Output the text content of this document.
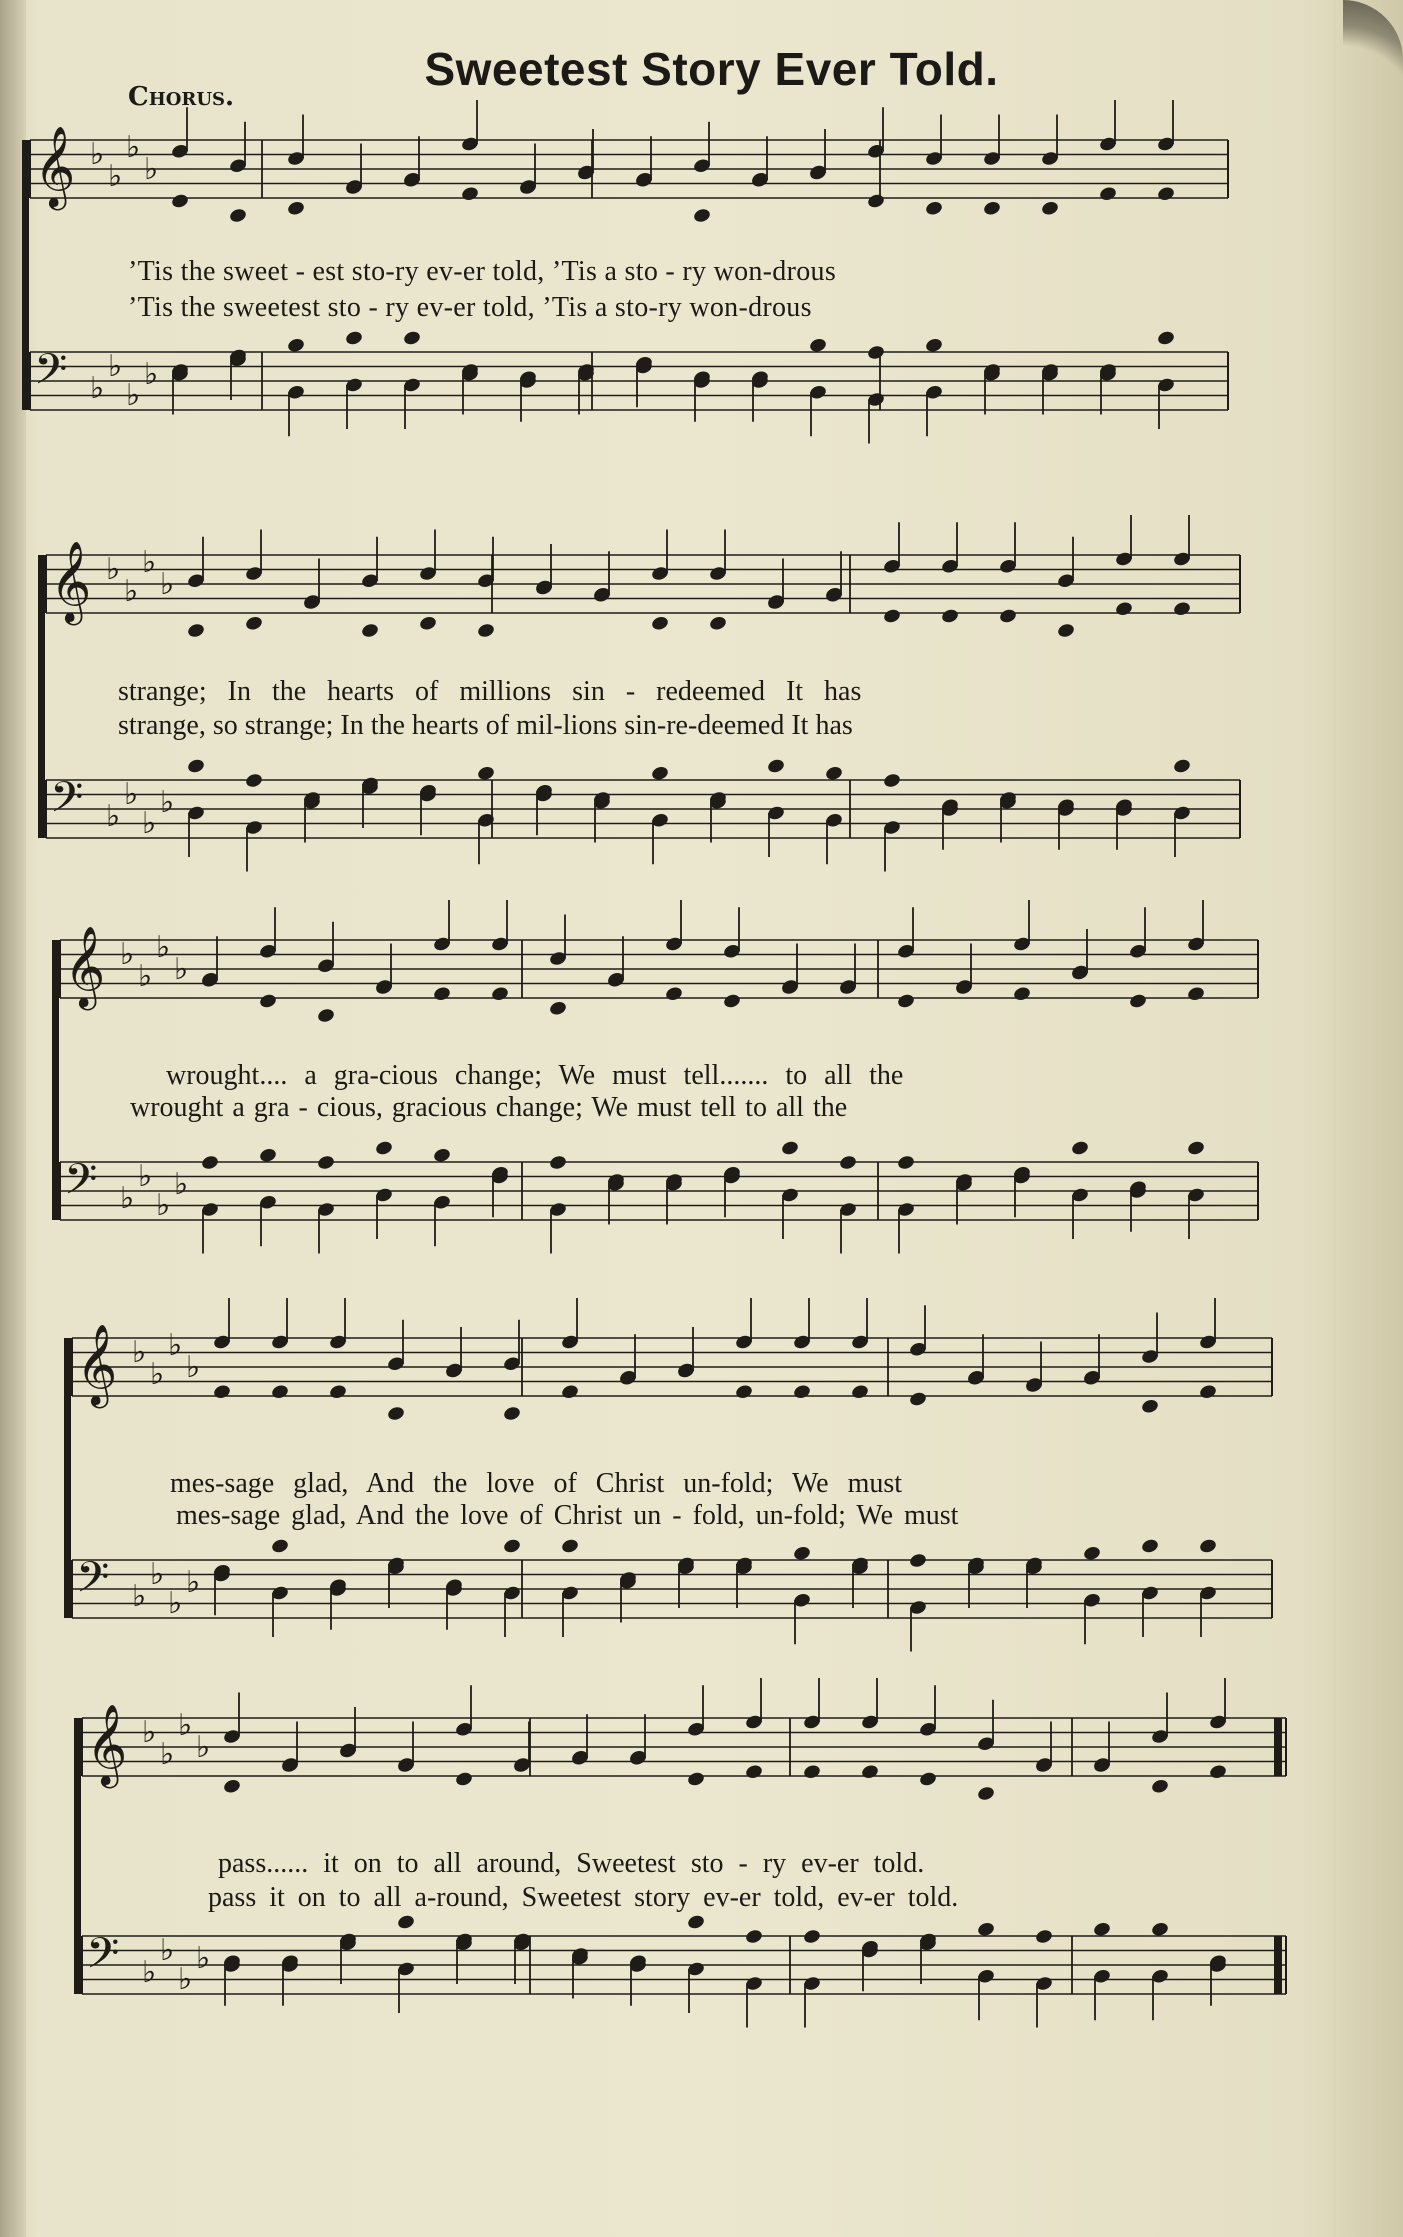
Chorus.
Sweetest Story Ever Told.
𝄞 ♭
♭
♭
♭
𝄢 ♭
♭
♭
♭
𝄞 ♭
♭
♭
♭
𝄢 ♭
♭
♭
♭
𝄞 ♭
♭
♭
♭
𝄢 ♭
♭
♭
♭
𝄞 ♭
♭
♭
♭
𝄢 ♭
♭
♭
♭
𝄞 ♭
♭
♭
♭
𝄢 ♭
♭
♭
♭
’Tis the sweet - est sto-ry ev-er told, ’Tis a sto - ry won-drous
’Tis the sweetest sto - ry ev-er told, ’Tis a sto-ry won-drous
strange; In the hearts of millions sin - redeemed It has
strange, so strange; In the hearts of mil-lions sin-re-deemed It has
wrought.... a gra-cious change; We must tell....... to all the
wrought a gra - cious, gracious change; We must tell to all the
mes-sage glad, And the love of Christ un-fold; We must
mes-sage glad, And the love of Christ un - fold, un-fold; We must
pass...... it on to all around, Sweetest sto - ry ev-er told.
pass it on to all a-round, Sweetest story ev-er told, ev-er told.
